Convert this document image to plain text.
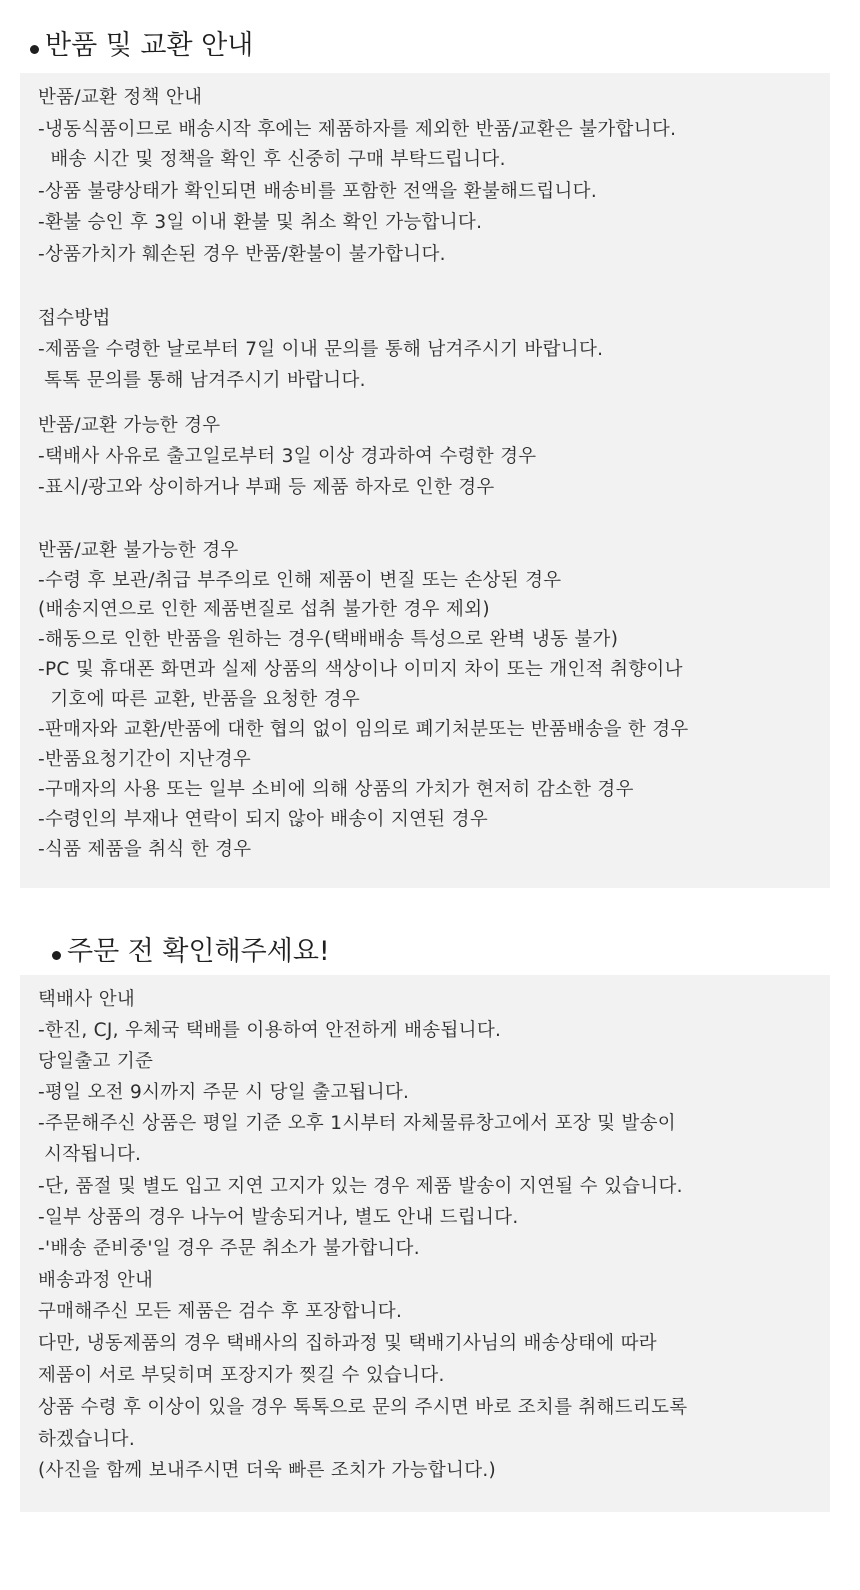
반품 및 교환 안내
주문 전 확인해주세요!
반품/교환 정책 안내
-냉동식품이므로 배송시작 후에는 제품하자를 제외한 반품/교환은 불가합니다.
배송 시간 및 정책을 확인 후 신중히 구매 부탁드립니다.
-상품 불량상태가 확인되면 배송비를 포함한 전액을 환불해드립니다.
-환불 승인 후 3일 이내 환불 및 취소 확인 가능합니다.
-상품가치가 훼손된 경우 반품/환불이 불가합니다.
접수방법
-제품을 수령한 날로부터 7일 이내 문의를 통해 남겨주시기 바랍니다.
톡톡 문의를 통해 남겨주시기 바랍니다.
반품/교환 가능한 경우
-택배사 사유로 출고일로부터 3일 이상 경과하여 수령한 경우
-표시/광고와 상이하거나 부패 등 제품 하자로 인한 경우
반품/교환 불가능한 경우
-수령 후 보관/취급 부주의로 인해 제품이 변질 또는 손상된 경우
(배송지연으로 인한 제품변질로 섭취 불가한 경우 제외)
-해동으로 인한 반품을 원하는 경우(택배배송 특성으로 완벽 냉동 불가)
-PC 및 휴대폰 화면과 실제 상품의 색상이나 이미지 차이 또는 개인적 취향이나
기호에 따른 교환, 반품을 요청한 경우
-판매자와 교환/반품에 대한 협의 없이 임의로 폐기처분또는 반품배송을 한 경우
-반품요청기간이 지난경우
-구매자의 사용 또는 일부 소비에 의해 상품의 가치가 현저히 감소한 경우
-수령인의 부재나 연락이 되지 않아 배송이 지연된 경우
-식품 제품을 취식 한 경우
택배사 안내
-한진, CJ, 우체국 택배를 이용하여 안전하게 배송됩니다.
당일출고 기준
-평일 오전 9시까지 주문 시 당일 출고됩니다.
-주문해주신 상품은 평일 기준 오후 1시부터 자체물류창고에서 포장 및 발송이
시작됩니다.
-단, 품절 및 별도 입고 지연 고지가 있는 경우 제품 발송이 지연될 수 있습니다.
-일부 상품의 경우 나누어 발송되거나, 별도 안내 드립니다.
-'배송 준비중'일 경우 주문 취소가 불가합니다.
배송과정 안내
구매해주신 모든 제품은 검수 후 포장합니다.
다만, 냉동제품의 경우 택배사의 집하과정 및 택배기사님의 배송상태에 따라
제품이 서로 부딪히며 포장지가 찢길 수 있습니다.
상품 수령 후 이상이 있을 경우 톡톡으로 문의 주시면 바로 조치를 취해드리도록
하겠습니다.
(사진을 함께 보내주시면 더욱 빠른 조치가 가능합니다.)
